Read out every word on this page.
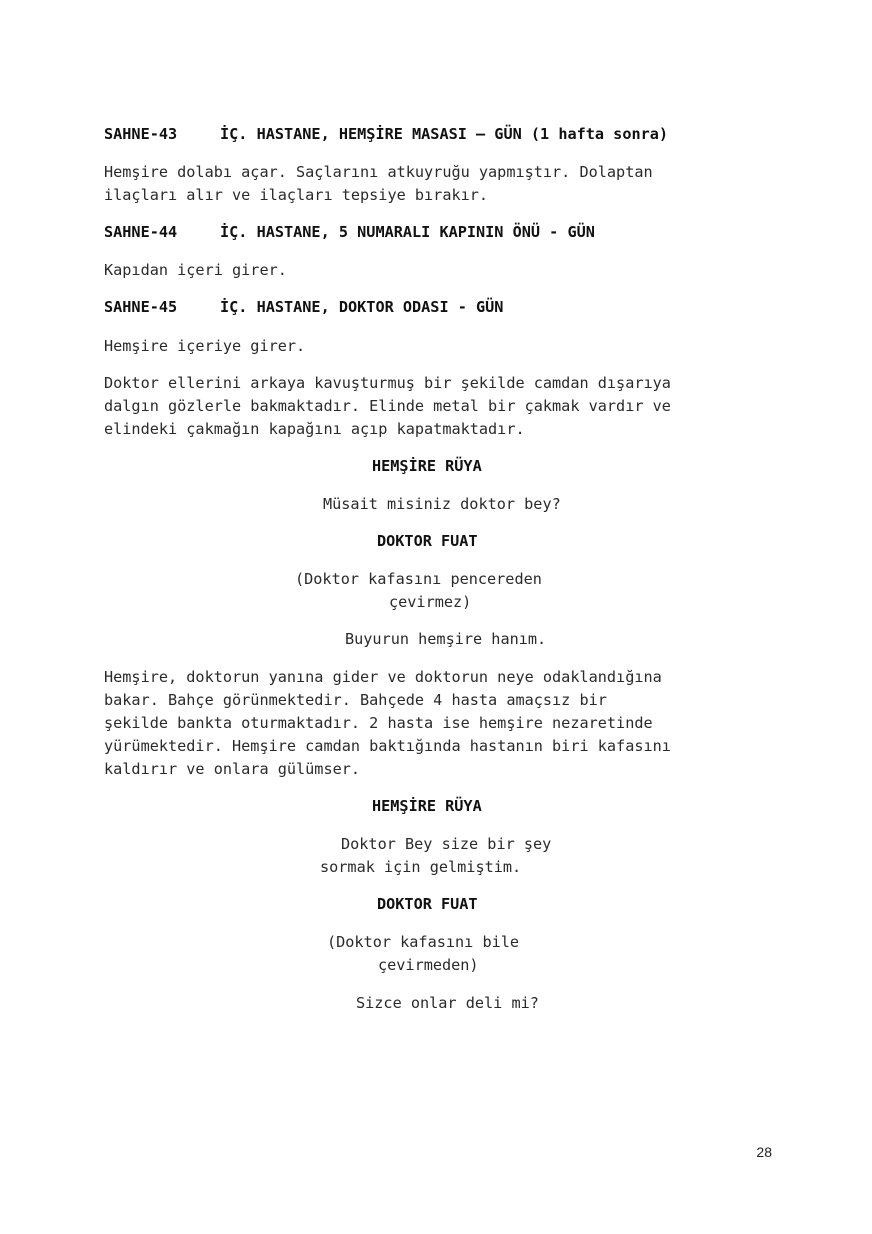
SAHNE-43	İÇ. HASTANE, HEMŞİRE MASASI – GÜN (1 hafta sonra)

Hemşire dolabı açar. Saçlarını atkuyruğu yapmıştır. Dolaptan

ilaçları alır ve ilaçları tepsiye bırakır.

SAHNE-44	İÇ. HASTANE, 5 NUMARALI KAPININ ÖNÜ - GÜN

Kapıdan içeri girer.

SAHNE-45	İÇ. HASTANE, DOKTOR ODASI - GÜN

Hemşire içeriye girer.

Doktor ellerini arkaya kavuşturmuş bir şekilde camdan dışarıya

dalgın gözlerle bakmaktadır. Elinde metal bir çakmak vardır ve

elindeki çakmağın kapağını açıp kapatmaktadır.

HEMŞİRE RÜYA

Müsait misiniz doktor bey?

DOKTOR FUAT

(Doktor kafasını pencereden

çevirmez)

Buyurun hemşire hanım.

Hemşire, doktorun yanına gider ve doktorun neye odaklandığına

bakar. Bahçe görünmektedir. Bahçede 4 hasta amaçsız bir

şekilde bankta oturmaktadır. 2 hasta ise hemşire nezaretinde

yürümektedir. Hemşire camdan baktığında hastanın biri kafasını

kaldırır ve onlara gülümser.

HEMŞİRE RÜYA

Doktor Bey size bir şey

sormak için gelmiştim.

DOKTOR FUAT

(Doktor kafasını bile

çevirmeden)

Sizce onlar deli mi?

28
